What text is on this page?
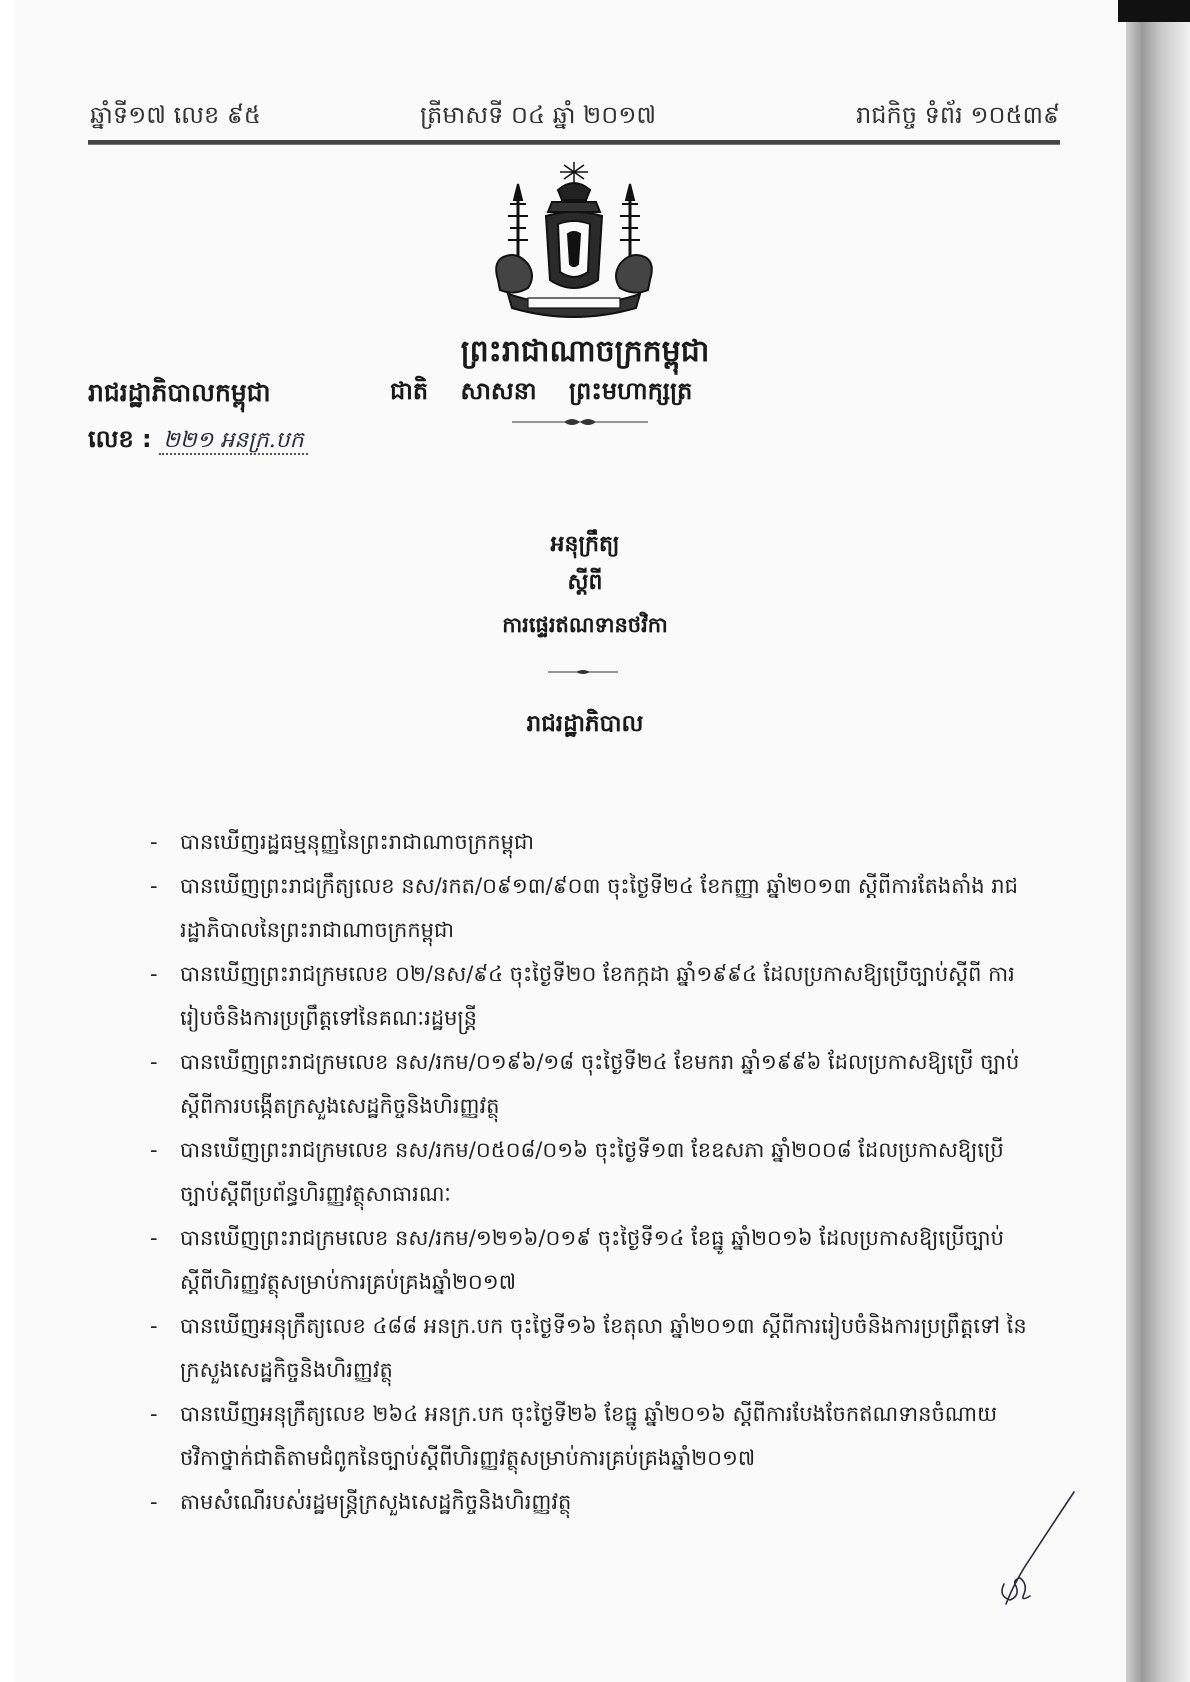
ឆ្នាំទី១៧ លេខ ៩៥	ត្រីមាសទី ០៤ ឆ្នាំ ២០១៧	រាជកិច្ច ទំព័រ ១០៥៣៩
ព្រះរាជាណាចក្រកម្ពុជា
ជាតិ សាសនា ព្រះមហាក្សត្រ
រាជរដ្ឋាភិបាលកម្ពុជា
លេខ : ២២១ អនក្រ.បក
អនុក្រឹត្យ
ស្តីពី
ការផ្ទេរឥណទានថវិកា
រាជរដ្ឋាភិបាល
- បានឃើញរដ្ឋធម្មនុញ្ញនៃព្រះរាជាណាចក្រកម្ពុជា
- បានឃើញព្រះរាជក្រឹត្យលេខ នស/រកត/០៩១៣/៩០៣ ចុះថ្ងៃទី២៤ ខែកញ្ញា ឆ្នាំ២០១៣ ស្តីពីការតែងតាំង រាជរដ្ឋាភិបាលនៃព្រះរាជាណាចក្រកម្ពុជា
- បានឃើញព្រះរាជក្រមលេខ ០២/នស/៩៤ ចុះថ្ងៃទី២០ ខែកក្កដា ឆ្នាំ១៩៩៤ ដែលប្រកាសឱ្យប្រើច្បាប់ស្តីពី ការរៀបចំនិងការប្រព្រឹត្តទៅនៃគណៈរដ្ឋមន្ត្រី
- បានឃើញព្រះរាជក្រមលេខ នស/រកម/០១៩៦/១៨ ចុះថ្ងៃទី២៤ ខែមករា ឆ្នាំ១៩៩៦ ដែលប្រកាសឱ្យប្រើ ច្បាប់ស្តីពីការបង្កើតក្រសួងសេដ្ឋកិច្ចនិងហិរញ្ញវត្ថុ
- បានឃើញព្រះរាជក្រមលេខ នស/រកម/០៥០៨/០១៦ ចុះថ្ងៃទី១៣ ខែឧសភា ឆ្នាំ២០០៨ ដែលប្រកាសឱ្យប្រើ ច្បាប់ស្តីពីប្រព័ន្ធហិរញ្ញវត្ថុសាធារណៈ
- បានឃើញព្រះរាជក្រមលេខ នស/រកម/១២១៦/០១៩ ចុះថ្ងៃទី១៤ ខែធ្នូ ឆ្នាំ២០១៦ ដែលប្រកាសឱ្យប្រើច្បាប់ ស្តីពីហិរញ្ញវត្ថុសម្រាប់ការគ្រប់គ្រងឆ្នាំ២០១៧
- បានឃើញអនុក្រឹត្យលេខ ៤៨៨ អនក្រ.បក ចុះថ្ងៃទី១៦ ខែតុលា ឆ្នាំ២០១៣ ស្តីពីការរៀបចំនិងការប្រព្រឹត្តទៅ នៃក្រសួងសេដ្ឋកិច្ចនិងហិរញ្ញវត្ថុ
- បានឃើញអនុក្រឹត្យលេខ ២៦៤ អនក្រ.បក ចុះថ្ងៃទី២៦ ខែធ្នូ ឆ្នាំ២០១៦ ស្តីពីការបែងចែកឥណទានចំណាយ ថវិកាថ្នាក់ជាតិតាមជំពូកនៃច្បាប់ស្តីពីហិរញ្ញវត្ថុសម្រាប់ការគ្រប់គ្រងឆ្នាំ២០១៧
- តាមសំណើរបស់រដ្ឋមន្ត្រីក្រសួងសេដ្ឋកិច្ចនិងហិរញ្ញវត្ថុ
